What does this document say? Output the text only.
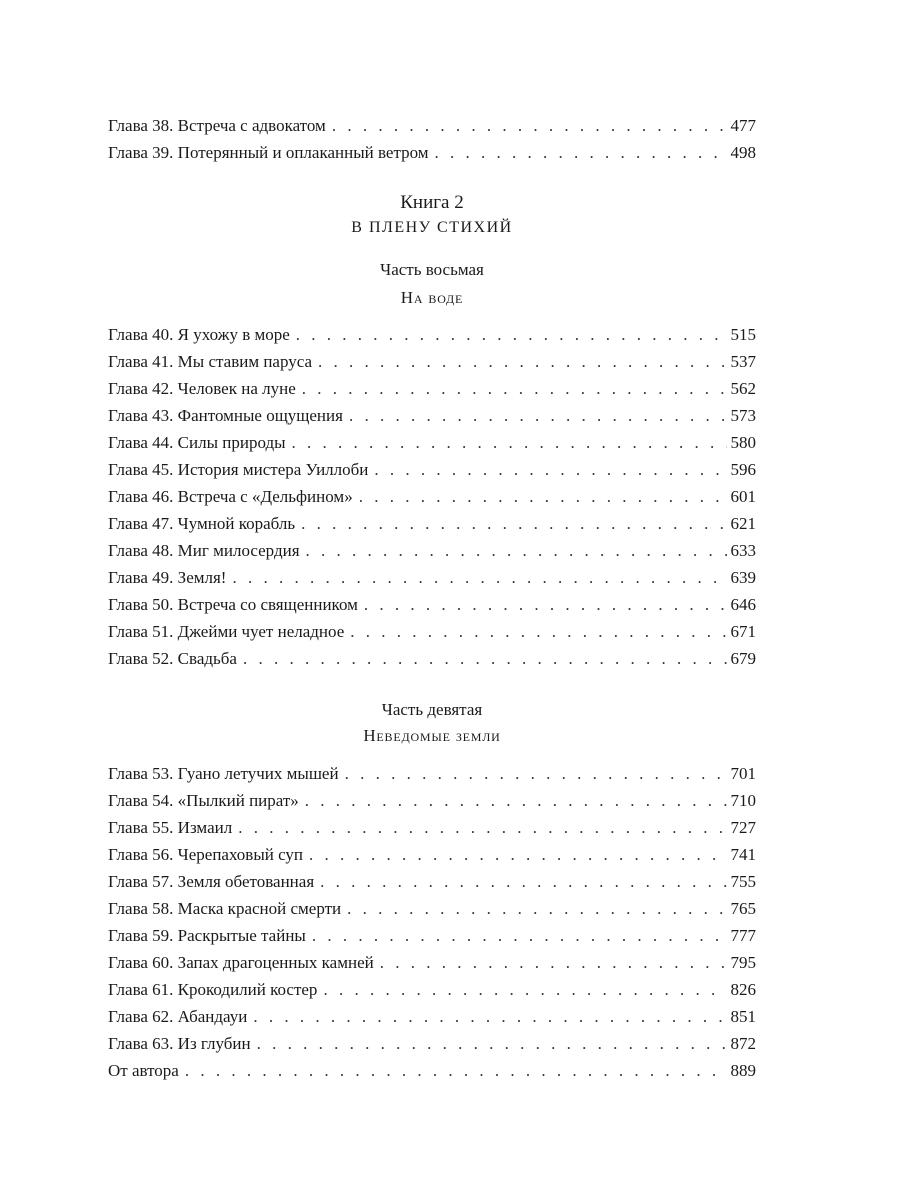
Глава 38. Встреча с адвокатом . . .	477
Глава 39. Потерянный и оплаканный ветром . . .	498
Книга 2
В ПЛЕНУ СТИХИЙ
Часть восьмая
На воде
Глава 40. Я ухожу в море . . .	515
Глава 41. Мы ставим паруса . . .	537
Глава 42. Человек на луне . . .	562
Глава 43. Фантомные ощущения . . .	573
Глава 44. Силы природы . . .	580
Глава 45. История мистера Уиллоби . . .	596
Глава 46. Встреча с «Дельфином» . . .	601
Глава 47. Чумной корабль . . .	621
Глава 48. Миг милосердия . . .	633
Глава 49. Земля! . . .	639
Глава 50. Встреча со священником . . .	646
Глава 51. Джейми чует неладное . . .	671
Глава 52. Свадьба . . .	679
Часть девятая
Неведомые земли
Глава 53. Гуано летучих мышей . . .	701
Глава 54. «Пылкий пират» . . .	710
Глава 55. Измаил . . .	727
Глава 56. Черепаховый суп . . .	741
Глава 57. Земля обетованная . . .	755
Глава 58. Маска красной смерти . . .	765
Глава 59. Раскрытые тайны . . .	777
Глава 60. Запах драгоценных камней . . .	795
Глава 61. Крокодилий костер . . .	826
Глава 62. Абандауи . . .	851
Глава 63. Из глубин . . .	872
От автора . . .	889
